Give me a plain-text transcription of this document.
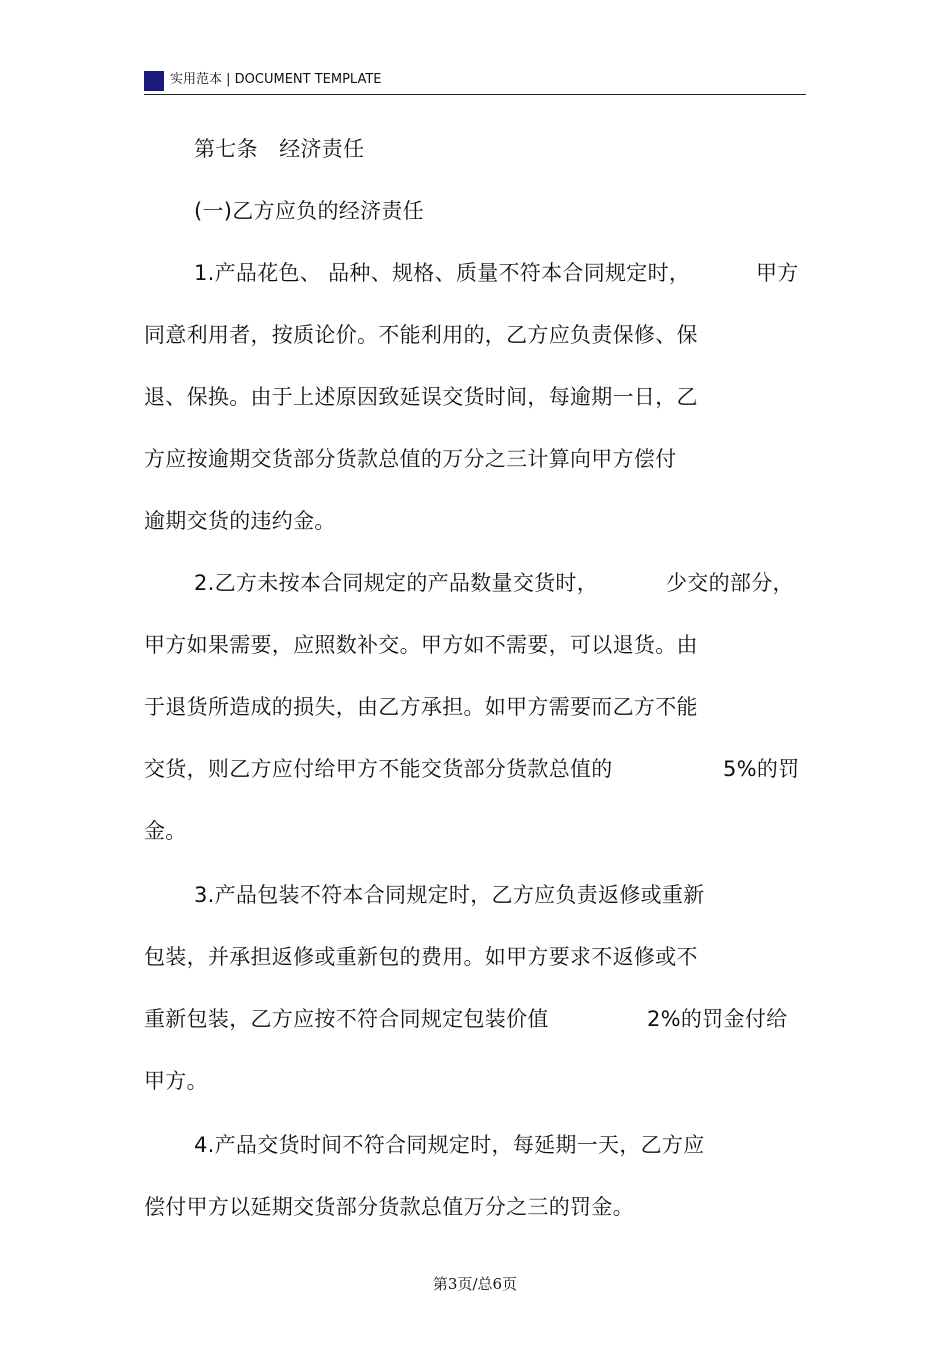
实用范本 | DOCUMENT TEMPLATE
第七条　经济责任
(一)乙方应负的经济责任
1.产品花色、 品种、规格、质量不符本合同规定时，	甲方
同意利用者，按质论价。不能利用的，乙方应负责保修、保
退、保换。由于上述原因致延误交货时间，每逾期一日，乙
方应按逾期交货部分货款总值的万分之三计算向甲方偿付
逾期交货的违约金。
2.乙方未按本合同规定的产品数量交货时，	少交的部分，
甲方如果需要，应照数补交。甲方如不需要，可以退货。由
于退货所造成的损失，由乙方承担。如甲方需要而乙方不能
交货，则乙方应付给甲方不能交货部分货款总值的	5%的罚
金。
3.产品包装不符本合同规定时，乙方应负责返修或重新
包装，并承担返修或重新包的费用。如甲方要求不返修或不
重新包装，乙方应按不符合同规定包装价值	2%的罚金付给
甲方。
4.产品交货时间不符合同规定时，每延期一天，乙方应
偿付甲方以延期交货部分货款总值万分之三的罚金。
第3页/总6页
